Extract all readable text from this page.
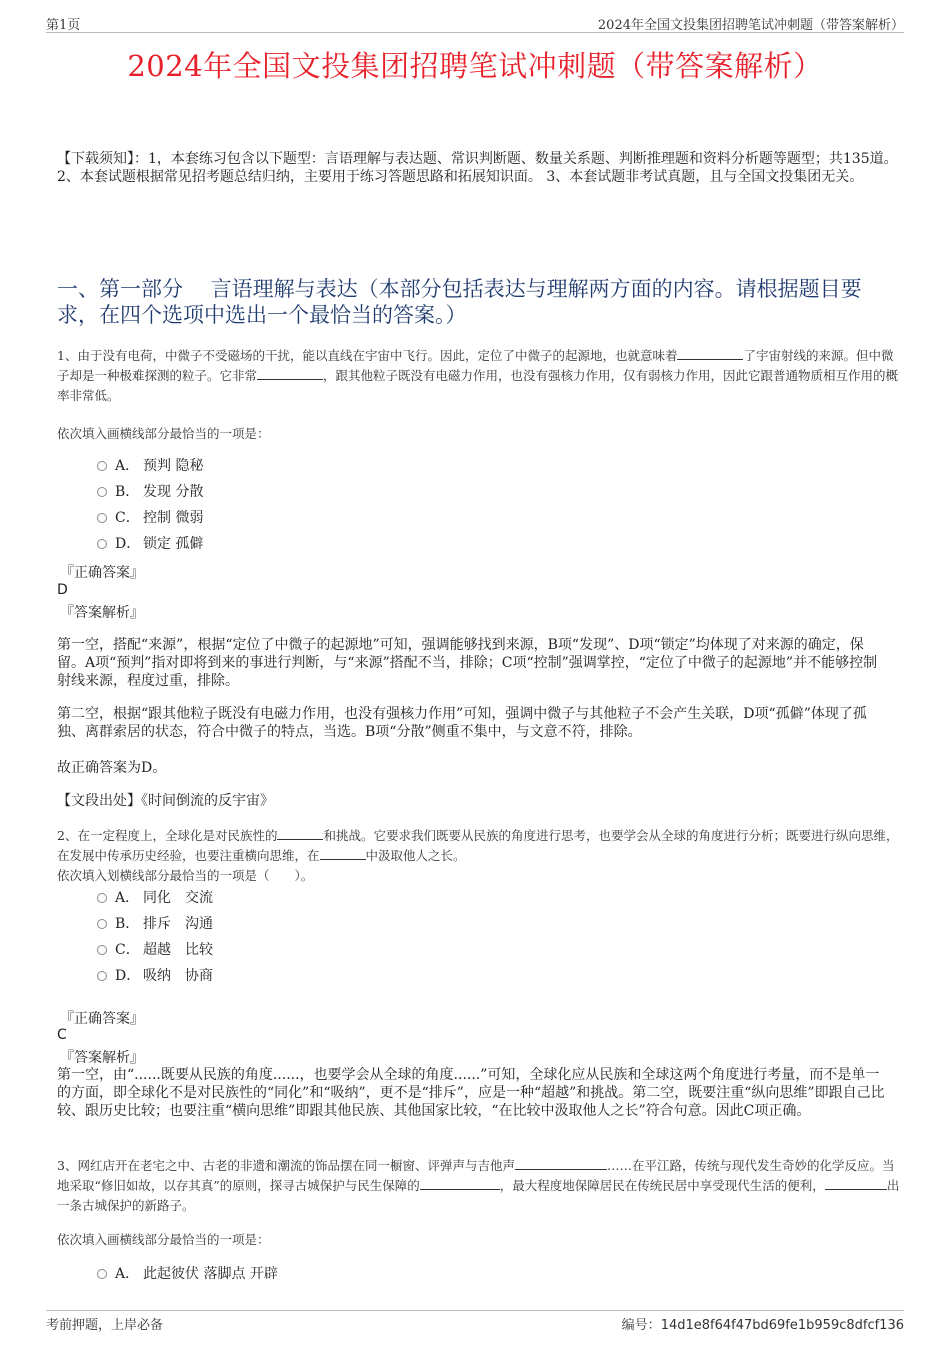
第1页	2024年全国文投集团招聘笔试冲刺题（带答案解析）
2024年全国文投集团招聘笔试冲刺题（带答案解析）
【下载须知】：1，本套练习包含以下题型：言语理解与表达题、常识判断题、数量关系题、判断推理题和资料分析题等题型；共135道。 2、本套试题根据常见招考题总结归纳，主要用于练习答题思路和拓展知识面。 3、本套试题非考试真题，且与全国文投集团无关。
一、第一部分　 言语理解与表达（本部分包括表达与理解两方面的内容。请根据题目要求，在四个选项中选出一个最恰当的答案。）
1、由于没有电荷，中微子不受磁场的干扰，能以直线在宇宙中飞行。因此，定位了中微子的起源地，也就意味着	了宇宙射线的来源。但中微子却是一种极难探测的粒子。它非常	，跟其他粒子既没有电磁力作用，也没有强核力作用，仅有弱核力作用，因此它跟普通物质相互作用的概率非常低。
依次填入画横线部分最恰当的一项是：
A． 预判 隐秘
B． 发现 分散
C． 控制 微弱
D． 锁定 孤僻
『正确答案』
D
『答案解析』
第一空，搭配“来源”，根据“定位了中微子的起源地”可知，强调能够找到来源，B项“发现”、D项“锁定”均体现了对来源的确定，保留。A项“预判”指对即将到来的事进行判断，与“来源”搭配不当，排除；C项“控制”强调掌控，“定位了中微子的起源地”并不能够控制射线来源，程度过重，排除。
第二空，根据“跟其他粒子既没有电磁力作用，也没有强核力作用”可知，强调中微子与其他粒子不会产生关联，D项“孤僻”体现了孤独、离群索居的状态，符合中微子的特点，当选。B项“分散”侧重不集中，与文意不符，排除。
故正确答案为D。
【文段出处】《时间倒流的反宇宙》
2、在一定程度上，全球化是对民族性的	和挑战。它要求我们既要从民族的角度进行思考，也要学会从全球的角度进行分析；既要进行纵向思维，在发展中传承历史经验，也要注重横向思维，在	中汲取他人之长。
依次填入划横线部分最恰当的一项是（　　）。
A． 同化　交流
B． 排斥　沟通
C． 超越　比较
D． 吸纳　协商
『正确答案』
C
『答案解析』
第一空，由“......既要从民族的角度......，也要学会从全球的角度......”可知，全球化应从民族和全球这两个角度进行考量，而不是单一的方面，即全球化不是对民族性的“同化”和“吸纳”，更不是“排斥”，应是一种“超越”和挑战。第二空，既要注重“纵向思维”即跟自己比较、跟历史比较；也要注重“横向思维”即跟其他民族、其他国家比较，“在比较中汲取他人之长”符合句意。因此C项正确。
3、网红店开在老宅之中、古老的非遗和潮流的饰品摆在同一橱窗、评弹声与吉他声	……在平江路，传统与现代发生奇妙的化学反应。当地采取“修旧如故，以存其真”的原则，探寻古城保护与民生保障的	，最大程度地保障居民在传统民居中享受现代生活的便利，	出一条古城保护的新路子。
依次填入画横线部分最恰当的一项是：
A． 此起彼伏 落脚点 开辟
考前押题，上岸必备	编号：14d1e8f64f47bd69fe1b959c8dfcf136
